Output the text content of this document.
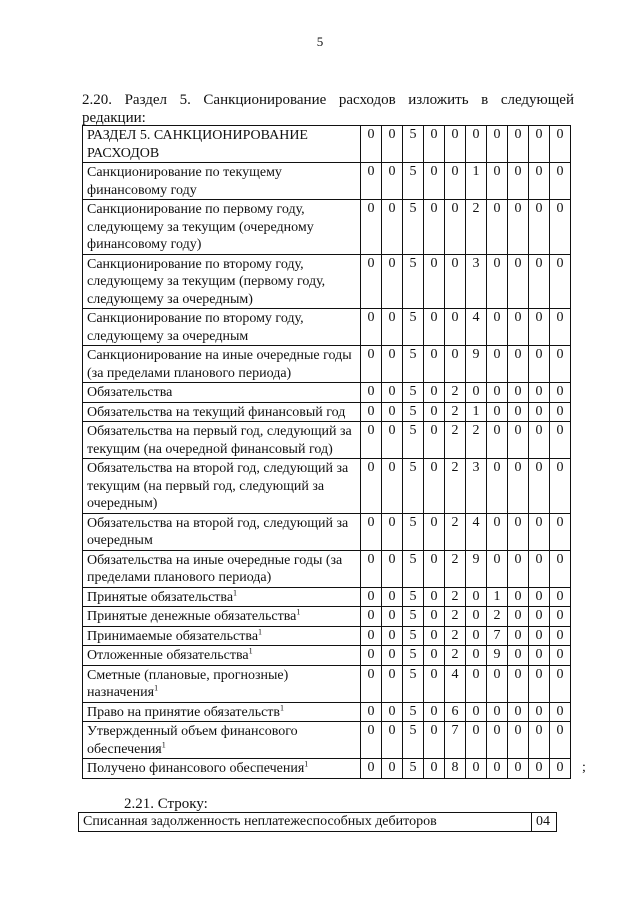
5
2.20. Раздел 5. Санкционирование расходов изложить в следующей
редакции:
РАЗДЕЛ 5. САНКЦИОНИРОВАНИЕ РАСХОДОВ	0	0	5	0	0	0	0	0	0	0
Санкционирование по текущему финансовому году	0	0	5	0	0	1	0	0	0	0
Санкционирование по первому году, следующему за текущим (очередному финансовому году)	0	0	5	0	0	2	0	0	0	0
Санкционирование по второму году, следующему за текущим (первому году, следующему за очередным)	0	0	5	0	0	3	0	0	0	0
Санкционирование по второму году, следующему за очередным	0	0	5	0	0	4	0	0	0	0
Санкционирование на иные очередные годы (за пределами планового периода)	0	0	5	0	0	9	0	0	0	0
Обязательства	0	0	5	0	2	0	0	0	0	0
Обязательства на текущий финансовый год	0	0	5	0	2	1	0	0	0	0
Обязательства на первый год, следующий за текущим (на очередной финансовый год)	0	0	5	0	2	2	0	0	0	0
Обязательства на второй год, следующий за текущим (на первый год, следующий за очередным)	0	0	5	0	2	3	0	0	0	0
Обязательства на второй год, следующий за очередным	0	0	5	0	2	4	0	0	0	0
Обязательства на иные очередные годы (за пределами планового периода)	0	0	5	0	2	9	0	0	0	0
Принятые обязательства$^1$	0	0	5	0	2	0	1	0	0	0
Принятые денежные обязательства$^1$	0	0	5	0	2	0	2	0	0	0
Принимаемые обязательства$^1$	0	0	5	0	2	0	7	0	0	0
Отложенные обязательства$^1$	0	0	5	0	2	0	9	0	0	0
Сметные (плановые, прогнозные) назначения$^1$	0	0	5	0	4	0	0	0	0	0
Право на принятие обязательств$^1$	0	0	5	0	6	0	0	0	0	0
Утвержденный объем финансового обеспечения$^1$	0	0	5	0	7	0	0	0	0	0
Получено финансового обеспечения$^1$	0	0	5	0	8	0	0	0	0	0 ;
2.21. Строку:
Списанная задолженность неплатежеспособных дебиторов	04
